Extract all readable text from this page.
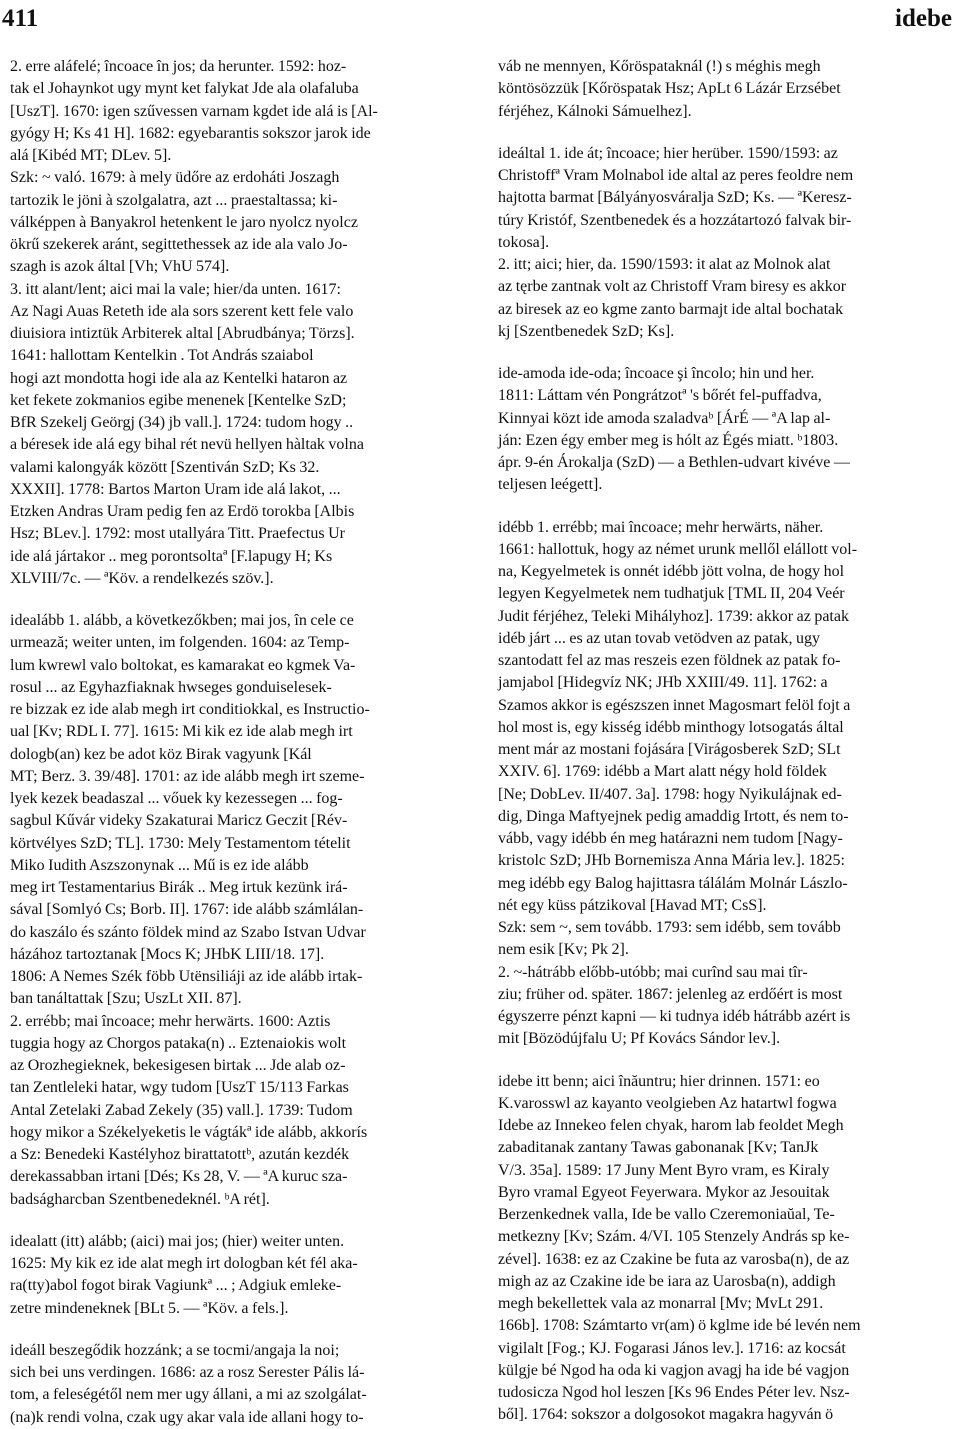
411	idebe
2. erre aláfelé; încoace în jos; da herunter. 1592: hoz-
tak el Johaynkot ugy mynt ket falykat Jde ala olafaluba
[UszT]. 1670: igen szűvessen varnam kgdet ide alá is [Al-
gyógy H; Ks 41 H]. 1682: egyebarantis sokszor jarok ide
alá [Kibéd MT; DLev. 5].
Szk: ~ való. 1679: à mely üdőre az erdoháti Joszagh
tartozik le jöni à szolgalatra, azt ... praestaltassa; ki-
válképpen à Banyakrol hetenkent le jaro nyolcz nyolcz
ökrű szekerek aránt, segittethessek az ide ala valo Jo-
szagh is azok által [Vh; VhU 574].
3. itt alant/lent; aici mai la vale; hier/da unten. 1617:
Az Nagi Auas Reteth ide ala sors szerent kett fele valo
diuisiora intiztük Arbiterek altal [Abrudbánya; Törzs].
1641: hallottam Kentelkin . Tot András szaiabol
hogi azt mondotta hogi ide ala az Kentelki hataron az
ket fekete zokmanios egibe menenek [Kentelke SzD;
BfR Szekelj Geörgj (34) jb vall.]. 1724: tudom hogy ..
a béresek ide alá egy bihal rét nevü hellyen hàltak volna
valami kalongyák között [Szentiván SzD; Ks 32.
XXXII]. 1778: Bartos Marton Uram ide alá lakot, ...
Etzken Andras Uram pedig fen az Erdö torokba [Albis
Hsz; BLev.]. 1792: most utallyára Titt. Praefectus Ur
ide alá jártakor .. meg porontsoltaª [F.lapugy H; Ks
XLVIII/7c. — ªKöv. a rendelkezés szöv.].
idealább 1. alább, a következőkben; mai jos, în cele ce
urmează; weiter unten, im folgenden. 1604: az Temp-
lum kwrewl valo boltokat, es kamarakat eo kgmek Va-
rosul ... az Egyhazfiaknak hwseges gonduiselesek-
re bizzak ez ide alab megh irt conditiokkal, es Instructio-
ual [Kv; RDL I. 77]. 1615: Mi kik ez ide alab megh irt
dologb(an) kez be adot köz Birak vagyunk [Kál
MT; Berz. 3. 39/48]. 1701: az ide alább megh irt szeme-
lyek kezek beadaszal ... vőuek ky kezessegen ... fog-
sagbul Kűvár videky Szakaturai Maricz Geczit [Rév-
körtvélyes SzD; TL]. 1730: Mely Testamentom tételit
Miko Iudith Aszszonynak ... Mű is ez ide alább
meg irt Testamentarius Birák .. Meg irtuk kezünk irá-
sával [Somlyó Cs; Borb. II]. 1767: ide alább számlálan-
do kaszálo és szánto földek mind az Szabo Istvan Udvar
házához tartoztanak [Mocs K; JHbK LIII/18. 17].
1806: A Nemes Szék föbb Utënsiliáji az ide alább irtak-
ban tanáltattak [Szu; UszLt XII. 87].
2. errébb; mai încoace; mehr herwärts. 1600: Aztis
tuggia hogy az Chorgos pataka(n) .. Eztenaiokis wolt
az Orozhegieknek, bekesigesen birtak ... Jde alab oz-
tan Zentleleki hatar, wgy tudom [UszT 15/113 Farkas
Antal Zetelaki Zabad Zekely (35) vall.]. 1739: Tudom
hogy mikor a Székelyeketis le vágtákª ide alább, akkorís
a Sz: Benedeki Kastélyhoz birattatottᵇ, azután kezdék
derekassabban irtani [Dés; Ks 28, V. — ªA kuruc sza-
badságharcban Szentbenedeknél. ᵇA rét].
idealatt (itt) alább; (aici) mai jos; (hier) weiter unten.
1625: My kik ez ide alat megh irt dologban két fél aka-
ra(tty)abol fogot birak Vagiunkª ... ; Adgiuk emleke-
zetre mindeneknek [BLt 5. — ªKöv. a fels.].
ideáll beszegődik hozzánk; a se tocmi/angaja la noi;
sich bei uns verdingen. 1686: az a rosz Serester Pális lá-
tom, a feleségétől nem mer ugy állani, a mi az szolgálat-
(na)k rendi volna, czak ugy akar vala ide allani hogy to-
váb ne mennyen, Kőröspataknál (!) s méghis megh
köntösözzük [Kőröspatak Hsz; ApLt 6 Lázár Erzsébet
férjéhez, Kálnoki Sámuelhez].
ideáltal 1. ide át; încoace; hier herüber. 1590/1593: az
Christoffª Vram Molnabol ide altal az peres feoldre nem
hajtotta barmat [Bályányosváralja SzD; Ks. — ªKeresz-
túry Kristóf, Szentbenedek és a hozzátartozó falvak bir-
tokosa].
2. itt; aici; hier, da. 1590/1593: it alat az Molnok alat
az tęrbe zantnak volt az Christoff Vram biresy es akkor
az biresek az eo kgme zanto barmajt ide altal bochatak
kj [Szentbenedek SzD; Ks].
ide-amoda ide-oda; încoace şi încolo; hin und her.
1811: Láttam vén Pongrátzotª 's bőrét fel-puffadva,
Kinnyai közt ide amoda szaladvaᵇ [ÁrÉ — ªA lap al-
ján: Ezen égy ember meg is hólt az Égés miatt. ᵇ1803.
ápr. 9-én Árokalja (SzD) — a Bethlen-udvart kivéve —
teljesen leégett].
idébb 1. errébb; mai încoace; mehr herwärts, näher.
1661: hallottuk, hogy az német urunk mellől elállott vol-
na, Kegyelmetek is onnét idébb jött volna, de hogy hol
legyen Kegyelmetek nem tudhatjuk [TML II, 204 Veér
Judit férjéhez, Teleki Mihályhoz]. 1739: akkor az patak
idéb járt ... es az utan tovab vetödven az patak, ugy
szantodatt fel az mas reszeis ezen földnek az patak fo-
jamjabol [Hidegvíz NK; JHb XXIII/49. 11]. 1762: a
Szamos akkor is egészszen innet Magosmart felöl fojt a
hol most is, egy kisség idébb minthogy lotsogatás által
ment már az mostani fojására [Virágosberek SzD; SLt
XXIV. 6]. 1769: idébb a Mart alatt négy hold földek
[Ne; DobLev. II/407. 3a]. 1798: hogy Nyikulájnak ed-
dig, Dinga Maftyejnek pedig amaddig Irtott, és nem to-
vább, vagy idébb én meg határazni nem tudom [Nagy-
kristolc SzD; JHb Bornemisza Anna Mária lev.]. 1825:
meg idébb egy Balog hajittasra tálálám Molnár Lászlo-
nét egy küss pátzikoval [Havad MT; CsS].
Szk: sem ~, sem tovább. 1793: sem idébb, sem tovább
nem esik [Kv; Pk 2].
2. ~-hátrább előbb-utóbb; mai curînd sau mai tîr-
ziu; früher od. später. 1867: jelenleg az erdőért is most
égyszerre pénzt kapni — ki tudnya idéb hátrább azért is
mit [Bözödújfalu U; Pf Kovács Sándor lev.].
idebe itt benn; aici înăuntru; hier drinnen. 1571: eo
K.varosswl az kayanto veolgieben Az hatartwl fogwa
Idebe az Innekeo felen chyak, harom lab feoldet Megh
zabaditanak zantany Tawas gabonanak [Kv; TanJk
V/3. 35a]. 1589: 17 Juny Ment Byro vram, es Kiraly
Byro vramal Egyeot Feyerwara. Mykor az Jesouitak
Berzenkednek valla, Ide be vallo Czeremoniaŭal, Te-
metkezny [Kv; Szám. 4/VI. 105 Stenzely András sp ke-
zével]. 1638: ez az Czakine be futa az varosba(n), de az
migh az az Czakine ide be iara az Uarosba(n), addigh
megh bekellettek vala az monarral [Mv; MvLt 291.
166b]. 1708: Számtarto vr(am) ö kglme ide bé levén nem
vigilalt [Fog.; KJ. Fogarasi János lev.]. 1716: az kocsát
külgje bé Ngod ha oda ki vagjon avagj ha ide bé vagjon
tudosicza Ngod hol leszen [Ks 96 Endes Péter lev. Nsz-
ből]. 1764: sokszor a dolgosokot magakra hagyván ö
